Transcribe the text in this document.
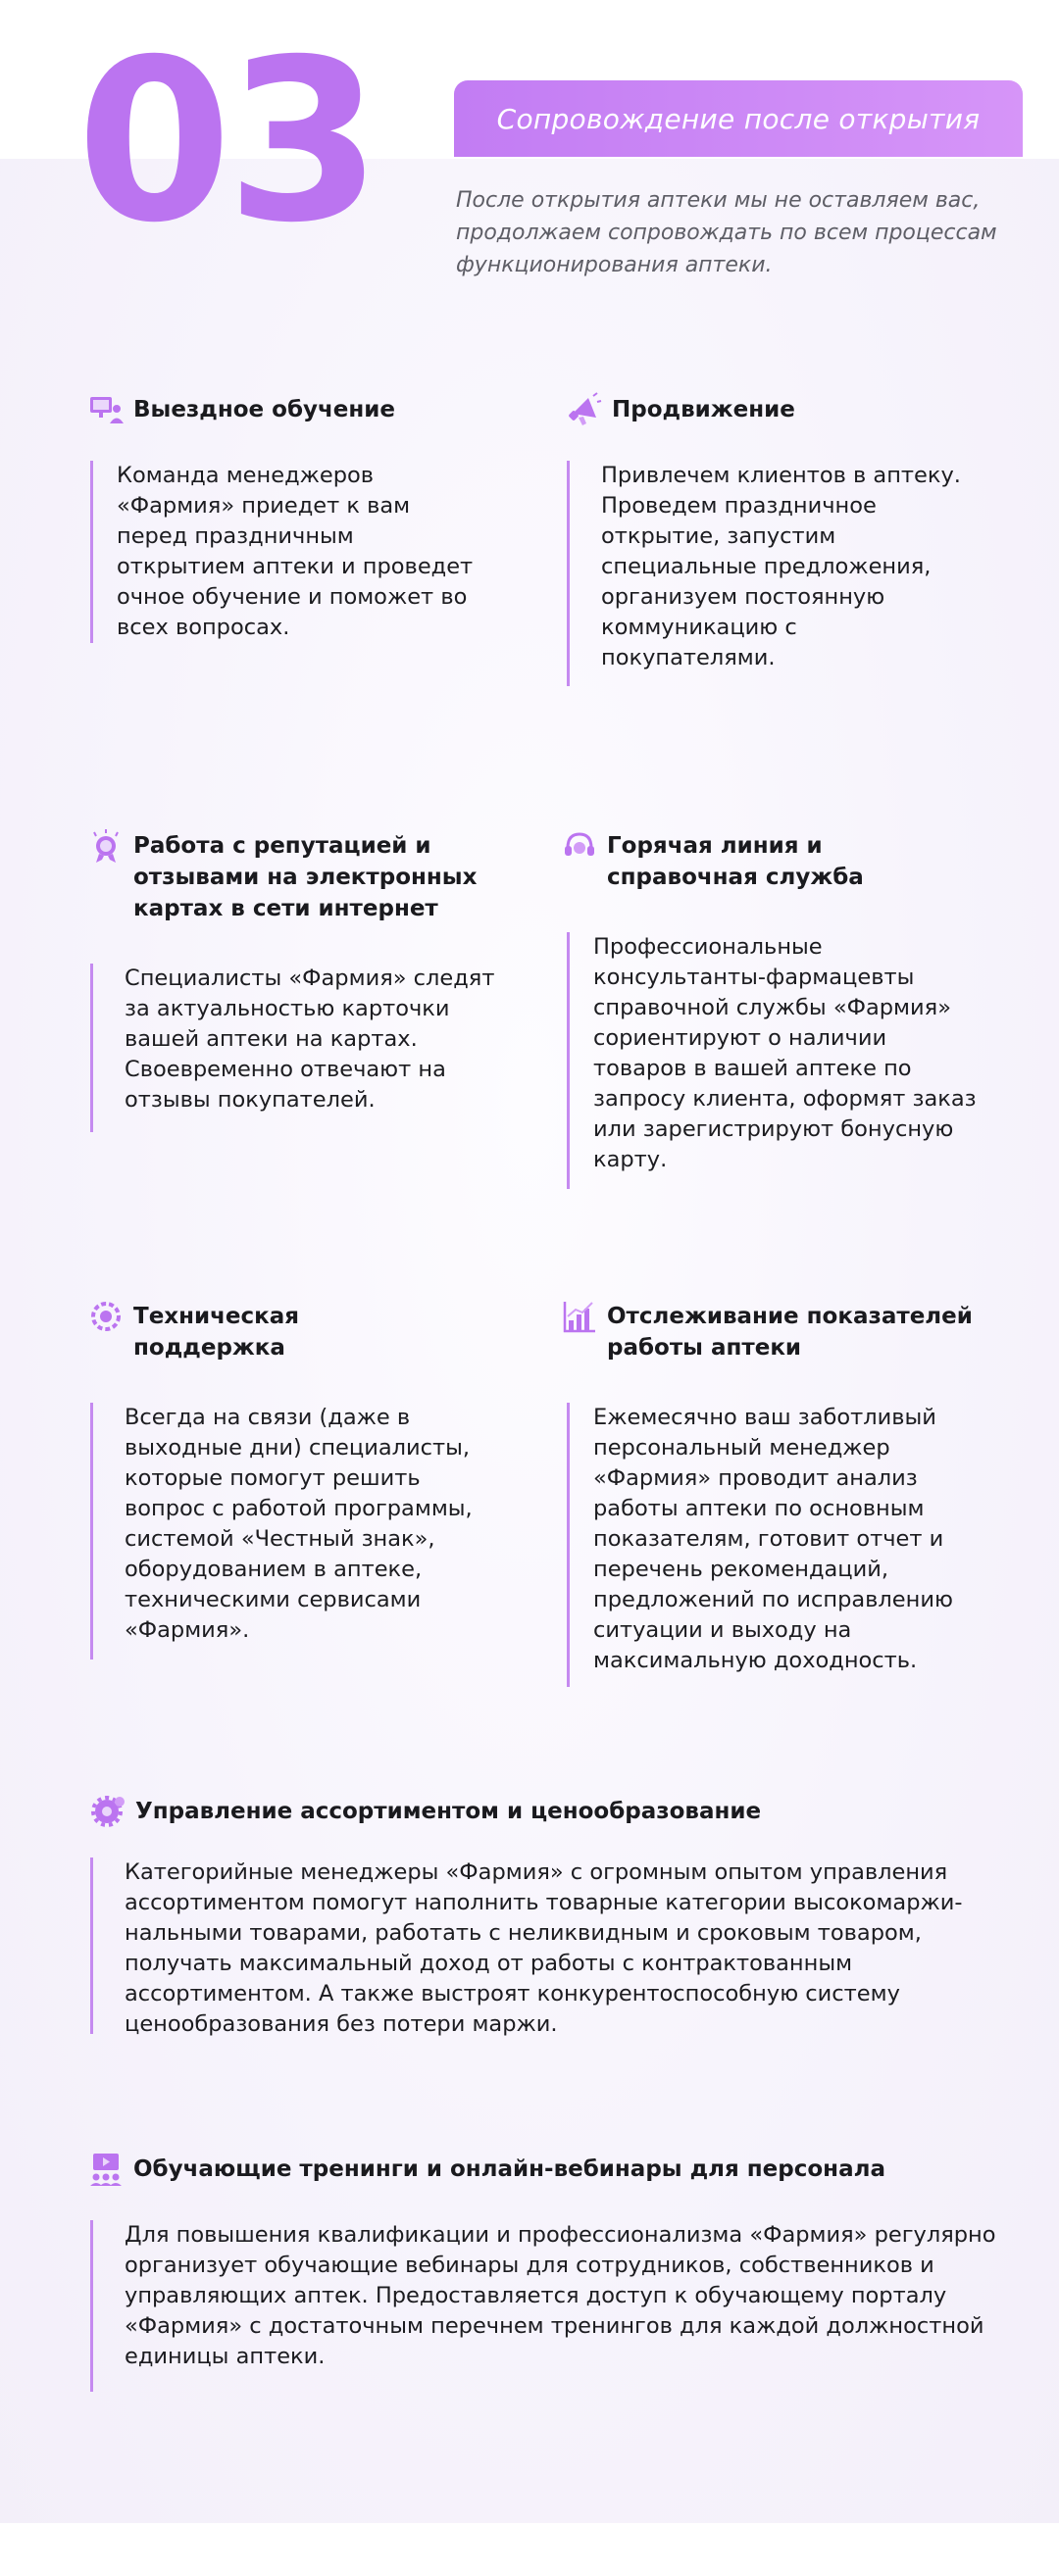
03	Сопровождение после открытия
После открытия аптеки мы не оставляем вас, продолжаем сопровождать по всем процессам функционирования аптеки.
Выездное обучение
Команда менеджеров «Фармия» приедет к вам перед праздничным открытием аптеки и проведет очное обучение и поможет во всех вопросах.
Продвижение
Привлечем клиентов в аптеку. Проведем праздничное открытие, запустим специальные предложения, организуем постоянную коммуникацию с покупателями.
Работа с репутацией и отзывами на электронных картах в сети интернет
Специалисты «Фармия» следят за актуальностью карточки вашей аптеки на картах. Своевременно отвечают на отзывы покупателей.
Горячая линия и справочная служба
Профессиональные консультанты-фармацевты справочной службы «Фармия» сориентируют о наличии товаров в вашей аптеке по запросу клиента, оформят заказ или зарегистрируют бонусную карту.
Техническая поддержка
Всегда на связи (даже в выходные дни) специалисты, которые помогут решить вопрос с работой программы, системой «Честный знак», оборудованием в аптеке, техническими сервисами «Фармия».
Отслеживание показателей работы аптеки
Ежемесячно ваш заботливый персональный менеджер «Фармия» проводит анализ работы аптеки по основным показателям, готовит отчет и перечень рекомендаций, предложений по исправлению ситуации и выходу на максимальную доходность.
Управление ассортиментом и ценообразование
Категорийные менеджеры «Фармия» с огромным опытом управления ассортиментом помогут наполнить товарные категории высокомаржи-нальными товарами, работать с неликвидным и сроковым товаром, получать максимальный доход от работы с контрактованным ассортиментом. А также выстроят конкурентоспособную систему ценообразования без потери маржи.
Обучающие тренинги и онлайн-вебинары для персонала
Для повышения квалификации и профессионализма «Фармия» регулярно организует обучающие вебинары для сотрудников, собственников и управляющих аптек. Предоставляется доступ к обучающему порталу «Фармия» с достаточным перечнем тренингов для каждой должностной единицы аптеки.
